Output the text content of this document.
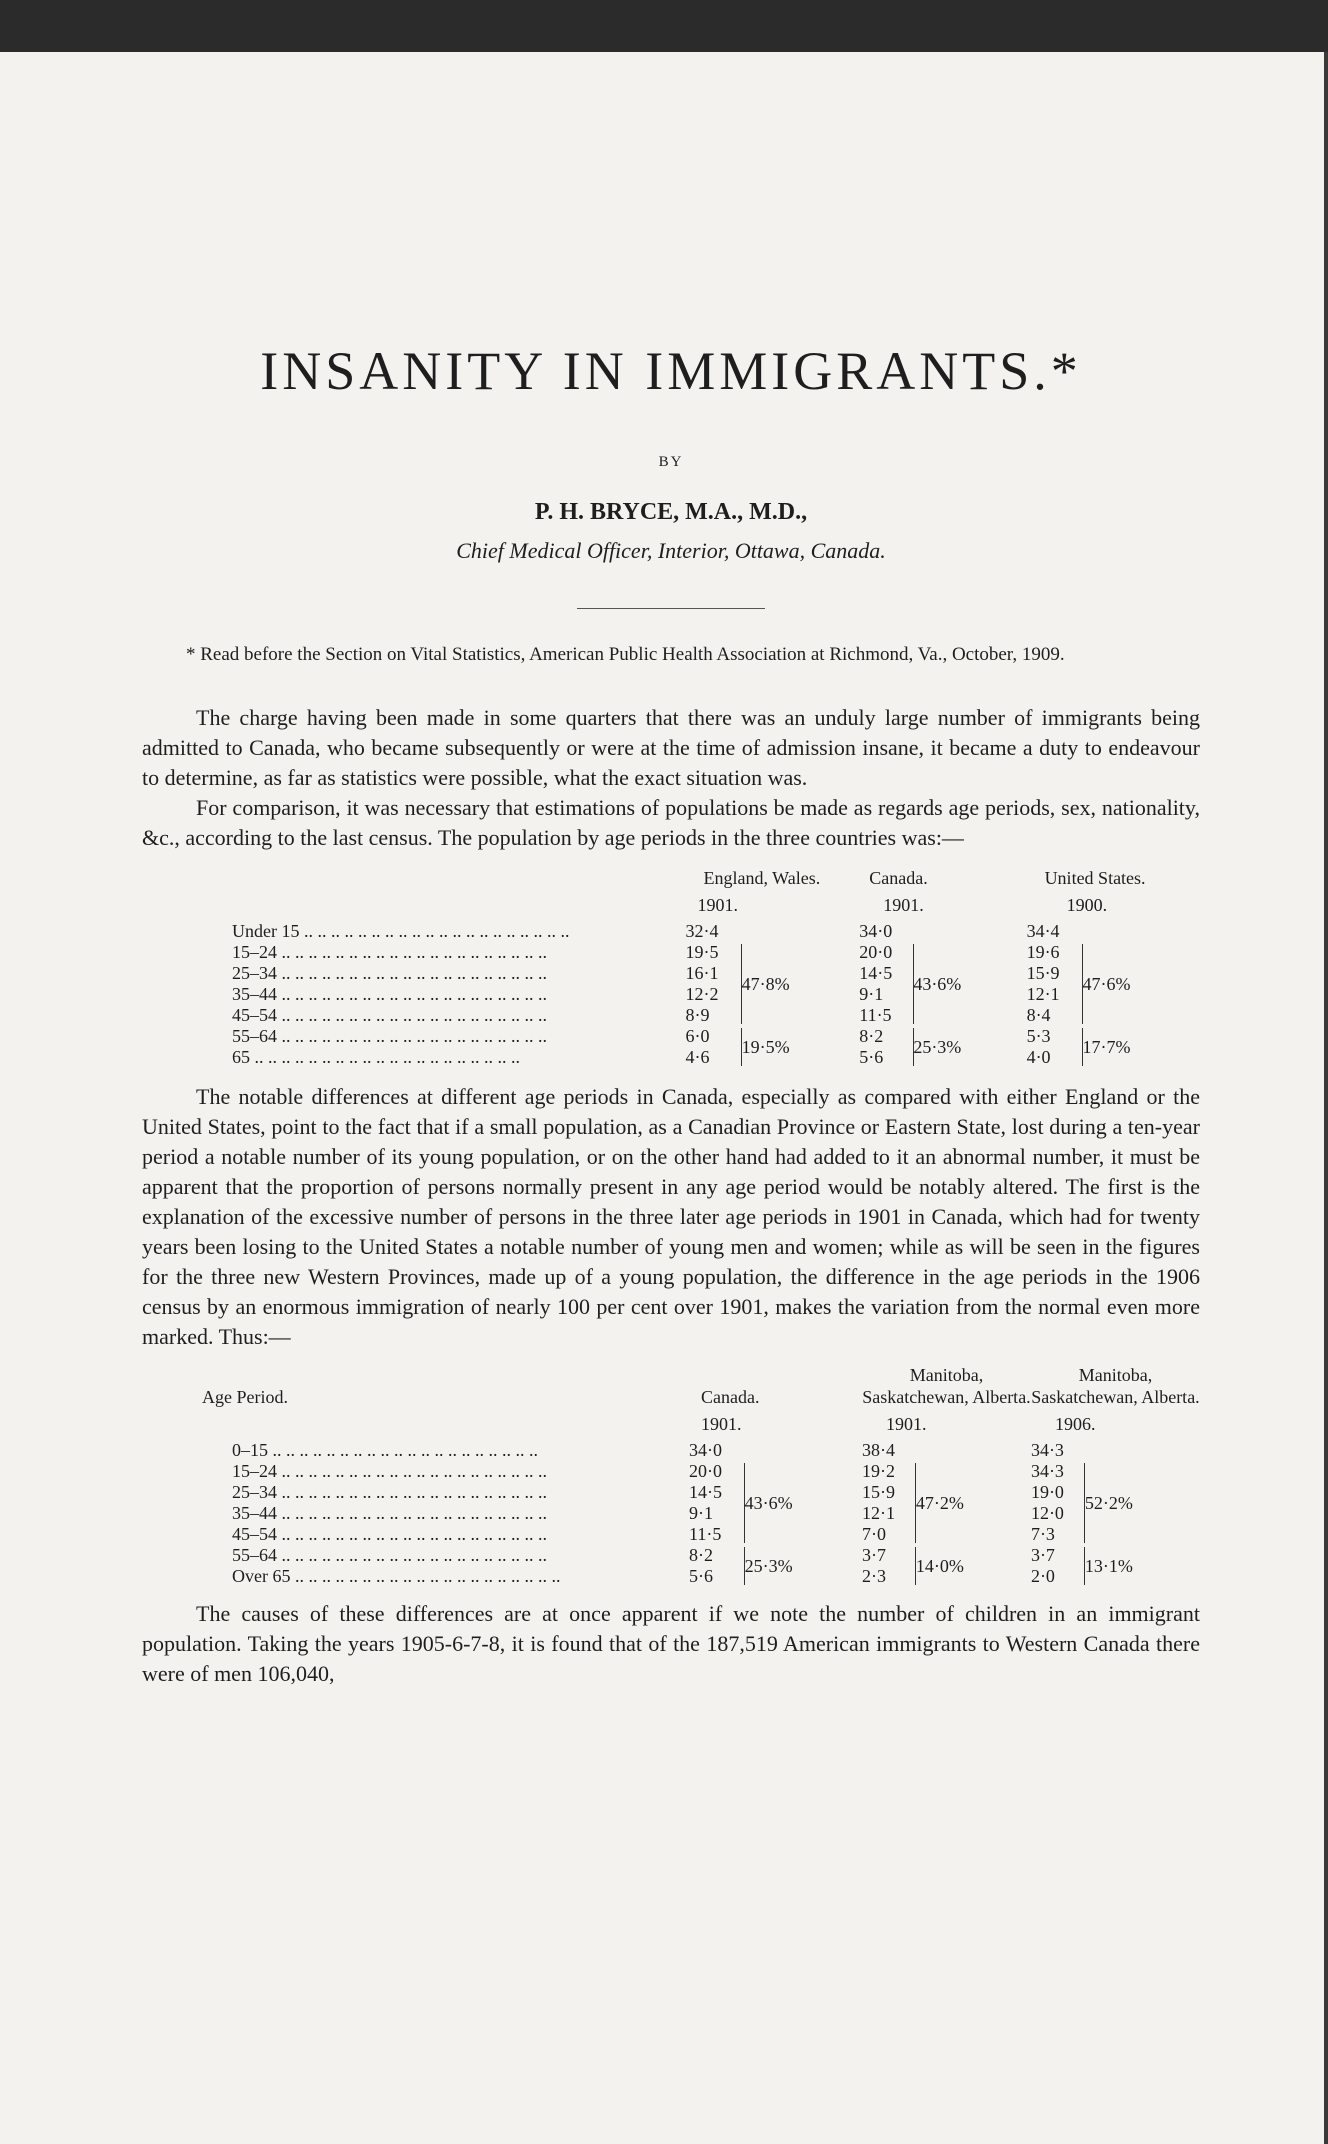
INSANITY IN IMMIGRANTS.*
BY
P. H. BRYCE, M.A., M.D.,
Chief Medical Officer, Interior, Ottawa, Canada.

* Read before the Section on Vital Statistics, American Public Health Association at Richmond, Va., October, 1909.

The charge having been made in some quarters that there was an unduly large number of immigrants being admitted to Canada, who became subsequently or were at the time of admission insane, it became a duty to endeavour to determine, as far as statistics were possible, what the exact situation was.

For comparison, it was necessary that estimations of populations be made as regards age periods, sex, nationality, &c., according to the last census. The population by age periods in the three countries was:—

	England, Wales.			Canada.			United States.		
	1901.			1901.			1900.		
Under 15 .. ..	32·4			34·0			34·4		
15–24 .. ..	19·5		47·8%	20·0		43·6%	19·6		47·6%
25–34 .. ..	16·1			14·5			15·9		
35–44 .. ..	12·2			9·1			12·1		
45–54 .. ..	8·9			11·5			8·4		
55–64 .. ..	6·0		19·5%	8·2		25·3%	5·3		17·7%
65 .. ..	4·6			5·6			4·0		

The notable differences at different age periods in Canada, especially as compared with either England or the United States, point to the fact that if a small population, as a Canadian Province or Eastern State, lost during a ten-year period a notable number of its young population, or on the other hand had added to it an abnormal number, it must be apparent that the proportion of persons normally present in any age period would be notably altered. The first is the explanation of the excessive number of persons in the three later age periods in 1901 in Canada, which had for twenty years been losing to the United States a notable number of young men and women; while as will be seen in the figures for the three new Western Provinces, made up of a young population, the difference in the age periods in the 1906 census by an enormous immigration of nearly 100 per cent over 1901, makes the variation from the normal even more marked. Thus:—

Age Period.	Canada.			Manitoba, Saskatchewan, Alberta.			Manitoba, Saskatchewan, Alberta.		
	1901.			1901.			1906.		
0–15 .. ..	34·0			38·4			34·3		
15–24 .. ..	20·0		43·6%	19·2		47·2%	34·3		52·2%
25–34 .. ..	14·5			15·9			19·0		
35–44 .. ..	9·1			12·1			12·0		
45–54 .. ..	11·5			7·0			7·3		
55–64 .. ..	8·2		25·3%	3·7		14·0%	3·7		13·1%
Over 65 .. ..	5·6			2·3			2·0		

The causes of these differences are at once apparent if we note the number of children in an immigrant population. Taking the years 1905-6-7-8, it is found that of the 187,519 American immigrants to Western Canada there were of men 106,040,
